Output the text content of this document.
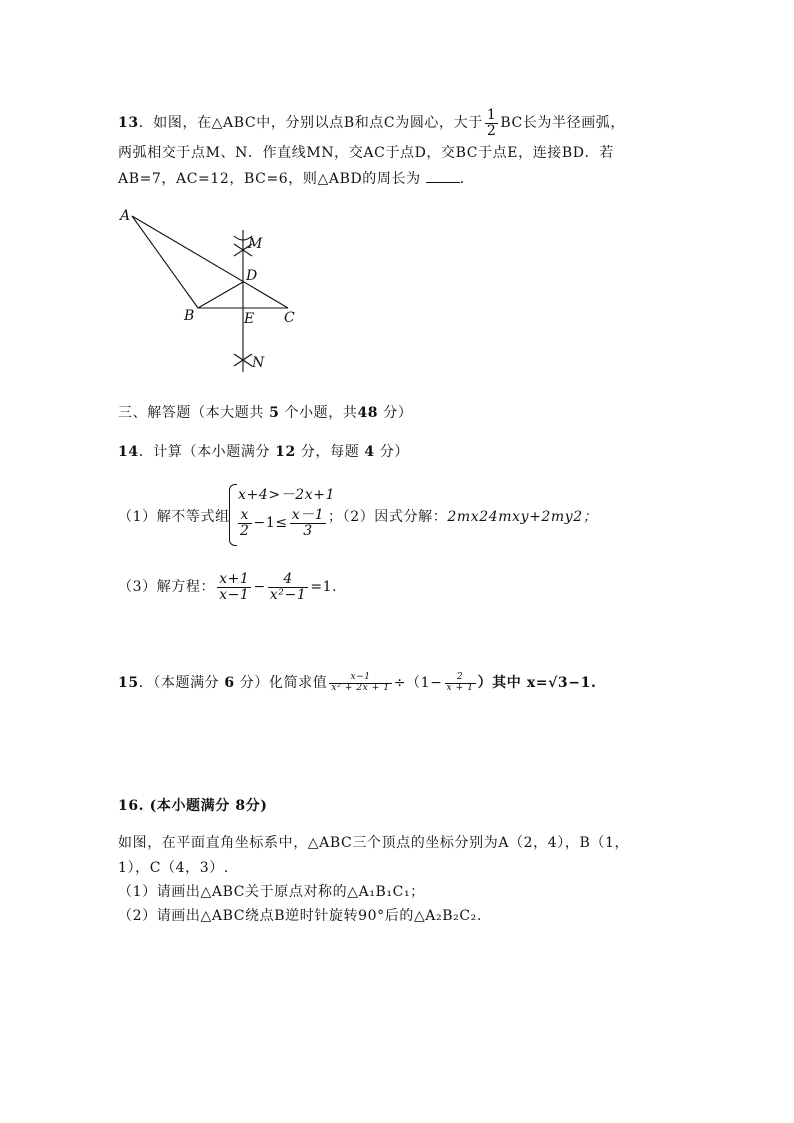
13．如图，在△ABC中，分别以点B和点C为圆心，大于 $\frac{1}{2}$ BC长为半径画弧，
两弧相交于点M、N．作直线MN，交AC于点D，交BC于点E，连接BD．若
AB=7，AC=12，BC=6，则△ABD的周长为	．
A
M
D
B	E C
N
三、解答题（本大题共 5 个小题，共48 分）
14．计算（本小题满分 12 分，每题 4 分）
（1）解不等式组
x+4>－2x+1
$\frac{x}{2} -1\le \frac{x-1}{3}$ ；（2）因式分解：2mx24mxy+2my2；
（3）解方程： $\frac{x+1}{x-1} - \frac{4}{\text{x²−1}} =1$.
15．（本题满分 6 分）化简求值 $\frac{x-1}{\text{x² + 2x + 1}} \div(1- \frac{2}{x + 1}$ ）其中 x=√3−1.
16. (本小题满分 8分)
如图，在平面直角坐标系中，△ABC三个顶点的坐标分别为A（2，4），B（1，
1），C（4，3）.
（1）请画出△ABC关于原点对称的△A₁B₁C₁；
（2）请画出△ABC绕点B逆时针旋转90°后的△A₂B₂C₂.
